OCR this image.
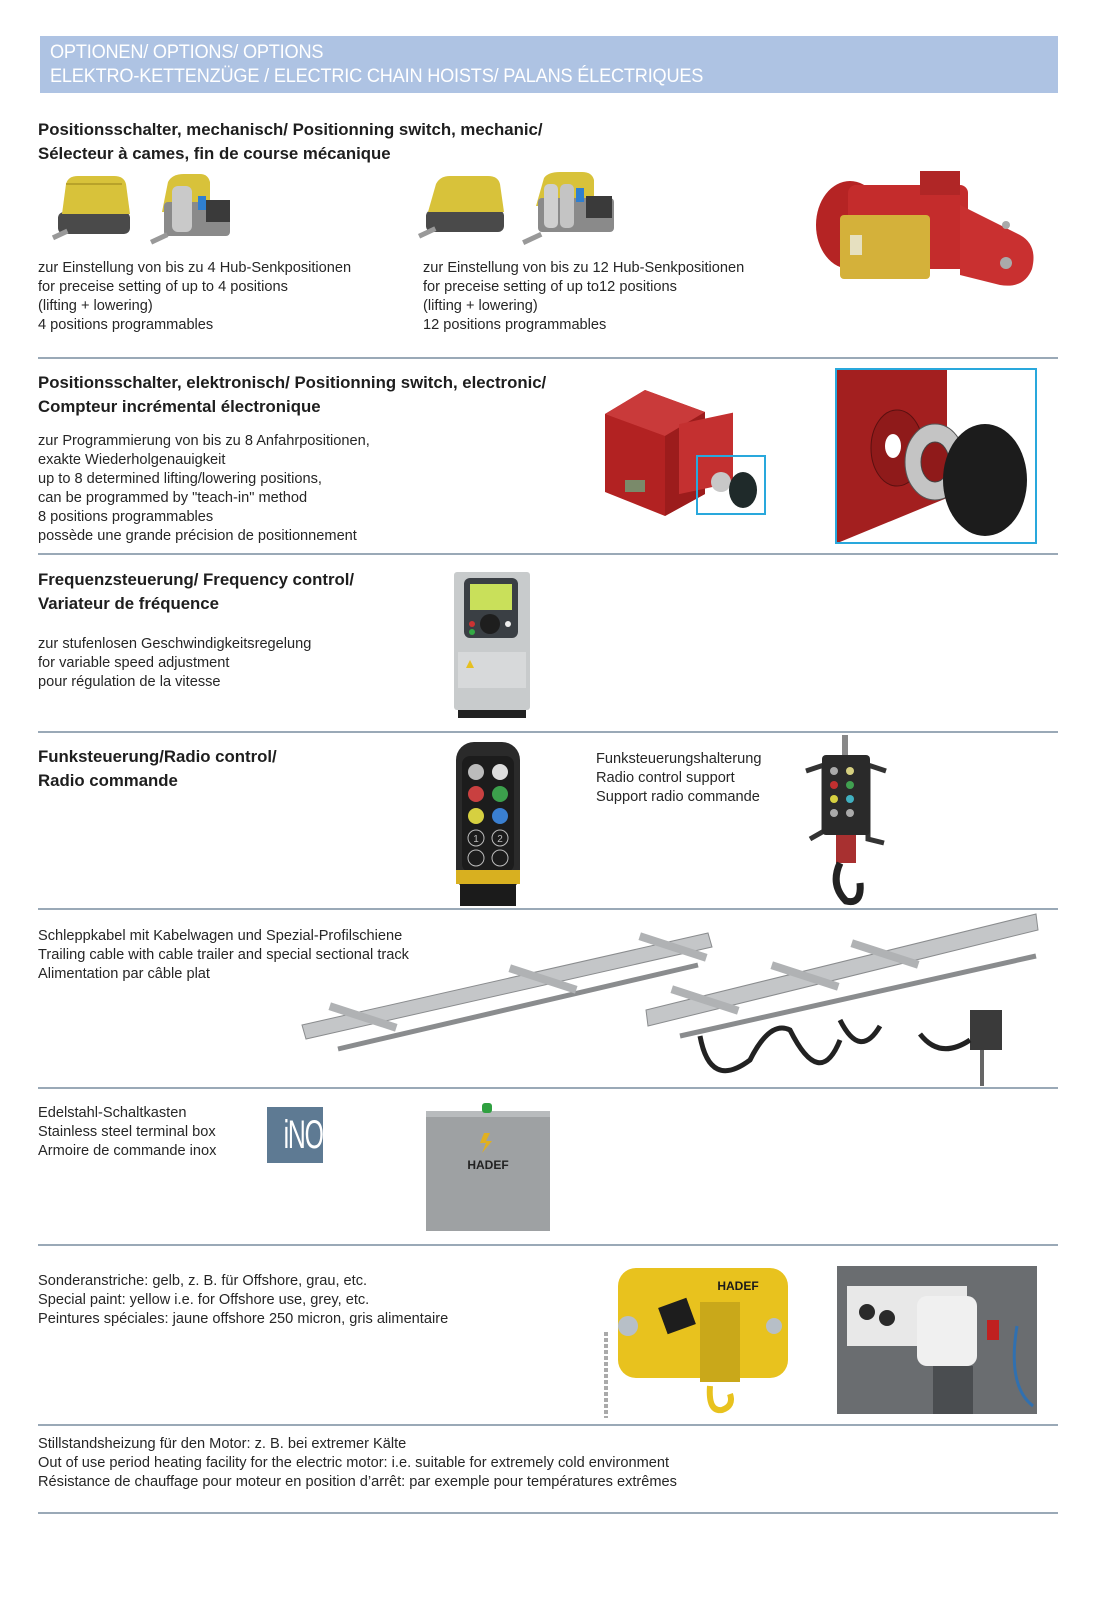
OPTIONEN/ OPTIONS/ OPTIONS
ELEKTRO-KETTENZÜGE / ELECTRIC CHAIN HOISTS/ PALANS ÉLECTRIQUES
Positionsschalter, mechanisch/ Positionning switch, mechanic/
Sélecteur à cames, fin de course mécanique
zur Einstellung von bis zu 4 Hub-Senkpositionen
for preceise setting of up to 4 positions
(lifting + lowering)
4 positions programmables
zur Einstellung von bis zu 12 Hub-Senkpositionen
for preceise setting of up to12 positions
(lifting + lowering)
12 positions programmables
Positionsschalter, elektronisch/ Positionning switch, electronic/
Compteur incrémental électronique
zur Programmierung von bis zu 8 Anfahrpositionen,
exakte Wiederholgenauigkeit
up to 8 determined lifting/lowering positions,
can be programmed by "teach-in" method
8 positions programmables
possède une grande précision de positionnement
Frequenzsteuerung/ Frequency control/
Variateur de fréquence
zur stufenlosen Geschwindigkeitsregelung
for variable speed adjustment
pour régulation de la vitesse
Funksteuerung/Radio control/
Radio commande
1 2
Funksteuerungshalterung
Radio control support
Support radio commande
Schleppkabel mit Kabelwagen und Spezial-Profilschiene
Trailing cable with cable trailer and special sectional track
Alimentation par câble plat
Edelstahl-Schaltkasten
Stainless steel terminal box
Armoire de commande inox	iNOX
HADEF
Sonderanstriche: gelb, z. B. für Offshore, grau, etc.
Special paint: yellow i.e. for Offshore use, grey, etc.
Peintures spéciales: jaune offshore 250 micron, gris alimentaire
HADEF
Stillstandsheizung für den Motor: z. B. bei extremer Kälte
Out of use period heating facility for the electric motor: i.e. suitable for extremely cold environment
Résistance de chauffage pour moteur en position d’arrêt: par exemple pour températures extrêmes
